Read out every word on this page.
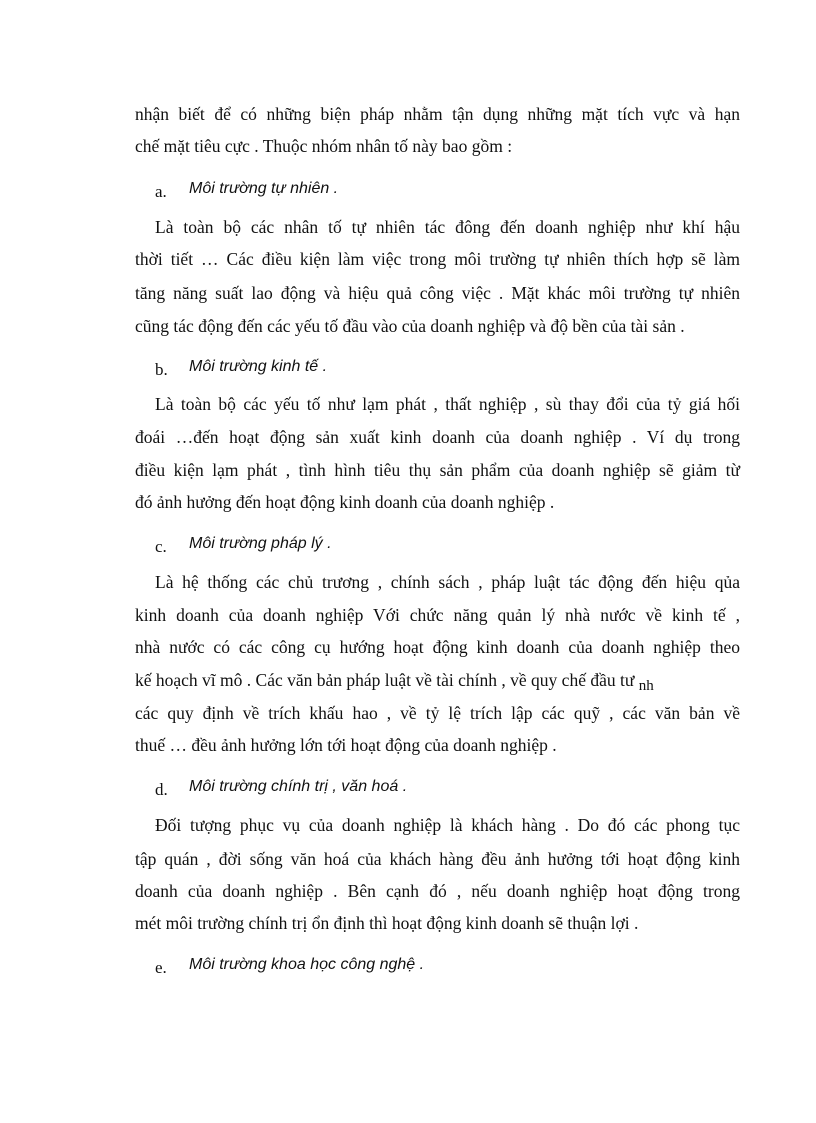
nhận biết để có những biện pháp nhằm tận dụng những mặt tích vực và hạn
chế mặt tiêu cực . Thuộc nhóm nhân tố này bao gồm :
a. Môi trường tự nhiên .
Là toàn bộ các nhân tố tự nhiên tác đông đến doanh nghiệp như khí hậu
thời tiết … Các điều kiện làm việc trong môi trường tự nhiên thích hợp sẽ làm
tăng năng suất lao động và hiệu quả công việc . Mặt khác môi trường tự nhiên
cũng tác động đến các yếu tố đầu vào của doanh nghiệp và độ bền của tài sản .
b. Môi trường kinh tế .
Là toàn bộ các yếu tố như lạm phát , thất nghiệp , sù thay đổi của tỷ giá hối
đoái …đến hoạt động sản xuất kinh doanh của doanh nghiệp . Ví dụ trong
điều kiện lạm phát , tình hình tiêu thụ sản phẩm của doanh nghiệp sẽ giảm từ
đó ảnh hưởng đến hoạt động kinh doanh của doanh nghiệp .
c. Môi trường pháp lý .
Là hệ thống các chủ trương , chính sách , pháp luật tác động đến hiệu qủa
kinh doanh của doanh nghiệp Với chức năng quản lý nhà nước về kinh tế ,
nhà nước có các công cụ hướng hoạt động kinh doanh của doanh nghiệp theo
kế hoạch vĩ mô . Các văn bản pháp luật về tài chính , về quy chế đầu tư nh
các quy định về trích khấu hao , về tỷ lệ trích lập các quỹ , các văn bản về
thuế … đều ảnh hưởng lớn tới hoạt động của doanh nghiệp .
d. Môi trường chính trị , văn hoá .
Đối tượng phục vụ của doanh nghiệp là khách hàng . Do đó các phong tục
tập quán , đời sống văn hoá của khách hàng đều ảnh hưởng tới hoạt động kinh
doanh của doanh nghiệp . Bên cạnh đó , nếu doanh nghiệp hoạt động trong
mét môi trường chính trị ổn định thì hoạt động kinh doanh sẽ thuận lợi .
e. Môi trường khoa học công nghệ .
